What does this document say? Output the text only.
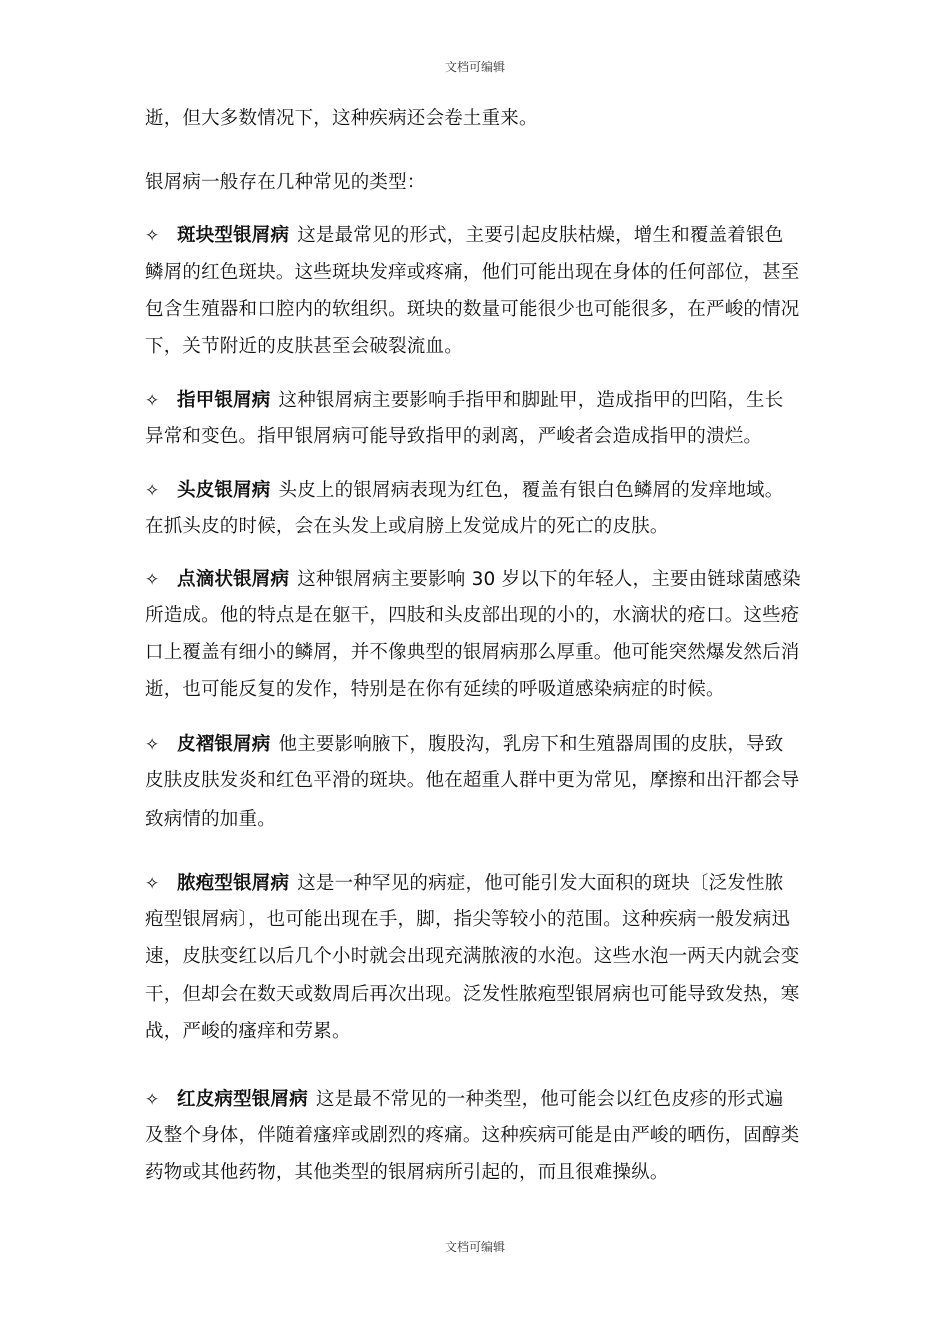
文档可编辑
逝，但大多数情况下，这种疾病还会卷土重来。
银屑病一般存在几种常见的类型：
✧ 斑块型银屑病 这是最常见的形式，主要引起皮肤枯燥，增生和覆盖着银色
鳞屑的红色斑块。这些斑块发痒或疼痛，他们可能出现在身体的任何部位，甚至
包含生殖器和口腔内的软组织。斑块的数量可能很少也可能很多，在严峻的情况
下，关节附近的皮肤甚至会破裂流血。
✧ 指甲银屑病 这种银屑病主要影响手指甲和脚趾甲，造成指甲的凹陷，生长
异常和变色。指甲银屑病可能导致指甲的剥离，严峻者会造成指甲的溃烂。
✧ 头皮银屑病 头皮上的银屑病表现为红色，覆盖有银白色鳞屑的发痒地域。
在抓头皮的时候，会在头发上或肩膀上发觉成片的死亡的皮肤。
✧ 点滴状银屑病 这种银屑病主要影响 30 岁以下的年轻人，主要由链球菌感染
所造成。他的特点是在躯干，四肢和头皮部出现的小的，水滴状的疮口。这些疮
口上覆盖有细小的鳞屑，并不像典型的银屑病那么厚重。他可能突然爆发然后消
逝，也可能反复的发作，特别是在你有延续的呼吸道感染病症的时候。
✧ 皮褶银屑病 他主要影响腋下，腹股沟，乳房下和生殖器周围的皮肤，导致
皮肤皮肤发炎和红色平滑的斑块。他在超重人群中更为常见，摩擦和出汗都会导
致病情的加重。
✧ 脓疱型银屑病 这是一种罕见的病症，他可能引发大面积的斑块〔泛发性脓
疱型银屑病〕，也可能出现在手，脚，指尖等较小的范围。这种疾病一般发病迅
速，皮肤变红以后几个小时就会出现充满脓液的水泡。这些水泡一两天内就会变
干，但却会在数天或数周后再次出现。泛发性脓疱型银屑病也可能导致发热，寒
战，严峻的瘙痒和劳累。
✧ 红皮病型银屑病 这是最不常见的一种类型，他可能会以红色皮疹的形式遍
及整个身体，伴随着瘙痒或剧烈的疼痛。这种疾病可能是由严峻的晒伤，固醇类
药物或其他药物，其他类型的银屑病所引起的，而且很难操纵。
文档可编辑
